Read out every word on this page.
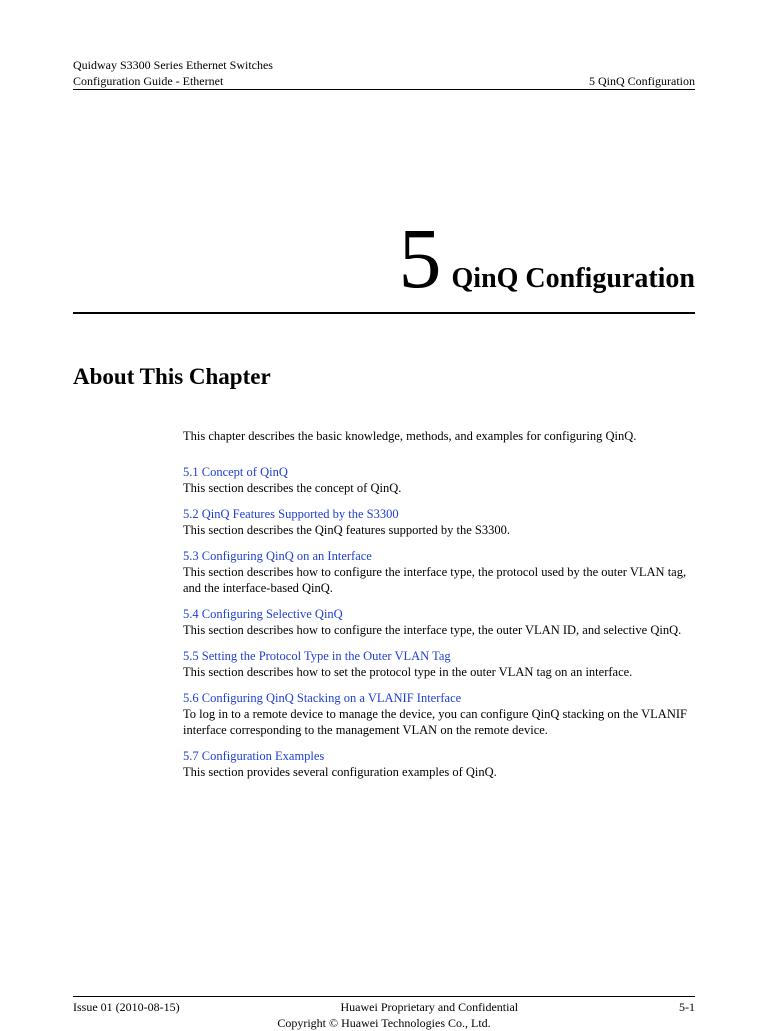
Quidway S3300 Series Ethernet Switches
Configuration Guide - Ethernet	5 QinQ Configuration
5 QinQ Configuration
About This Chapter

This chapter describes the basic knowledge, methods, and examples for configuring QinQ.

5.1 Concept of QinQ
This section describes the concept of QinQ.
5.2 QinQ Features Supported by the S3300
This section describes the QinQ features supported by the S3300.
5.3 Configuring QinQ on an Interface
This section describes how to configure the interface type, the protocol used by the outer VLAN tag, and the interface-based QinQ.
5.4 Configuring Selective QinQ
This section describes how to configure the interface type, the outer VLAN ID, and selective QinQ.
5.5 Setting the Protocol Type in the Outer VLAN Tag
This section describes how to set the protocol type in the outer VLAN tag on an interface.
5.6 Configuring QinQ Stacking on a VLANIF Interface
To log in to a remote device to manage the device, you can configure QinQ stacking on the VLANIF interface corresponding to the management VLAN on the remote device.
5.7 Configuration Examples
This section provides several configuration examples of QinQ.
Issue 01 (2010-08-15)	Huawei Proprietary and Confidential	5-1
Copyright © Huawei Technologies Co., Ltd.
